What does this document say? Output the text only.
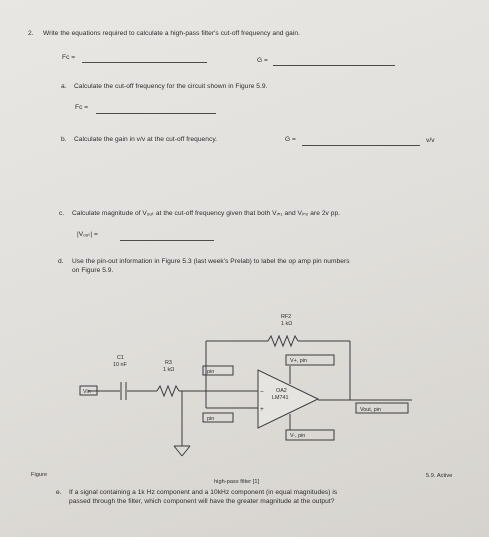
2. Write the equations required to calculate a high-pass filter's cut-off frequency and gain.
Fc =	G =
a. Calculate the cut-off frequency for the circuit shown in Figure 5.9.
Fc =
b. Calculate the gain in v/v at the cut-off frequency.	G =	v/v
c. Calculate magnitude of Vₒᵤₜ at the cut-off frequency given that both Vᵢₙ₁ and Vᵢₙ₂ are 2v pp.
|Vₒᵤₜ| =
d. Use the pin-out information in Figure 5.3 (last week's Prelab) to label the op amp pin numbers
on Figure 5.9.
RF2
1 kΩ
C1
10 nF	R3
1 kΩ
Vin
pin
pin
V+, pin
V-, pin
OA2
LM741
Vout, pin
+
−
Figure	5.9. Active
high-pass filter [1]
e. If a signal containing a 1k Hz component and a 10kHz component (in equal magnitudes) is
passed through the filter, which component will have the greater magnitude at the output?
